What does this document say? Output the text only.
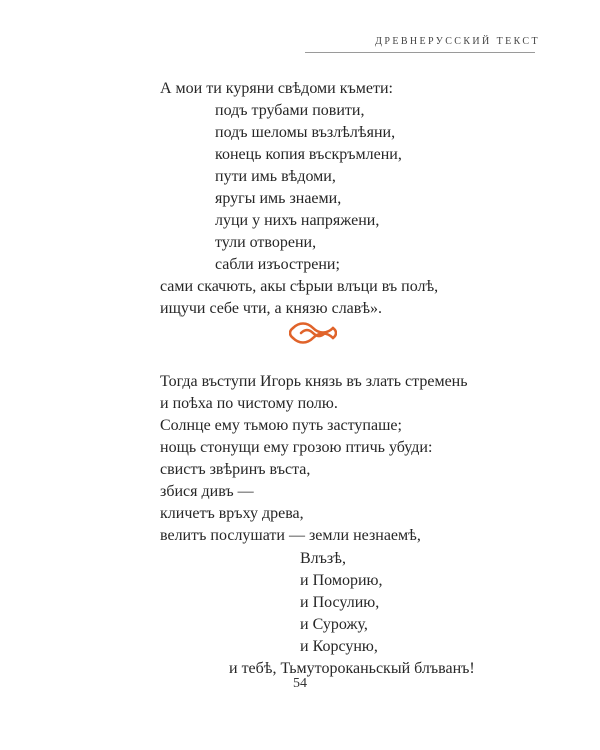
ДРЕВНЕРУССКИЙ ТЕКСТ
А мои ти куряни свѣдоми къмети:
подъ трубами повити,
подъ шеломы възлѣлѣяни,
конець копия въскръмлени,
пути имь вѣдоми,
яругы имь знаеми,
луци у нихъ напряжени,
тули отворени,
сабли изъострени;
сами скачють, акы сѣрыи влъци въ полѣ,
ищучи себе чти, а князю славѣ».
Тогда въступи Игорь князь въ злать стремень
и поѣха по чистому полю.
Солнце ему тьмою путь заступаше;
нощь стонущи ему грозою птичь убуди:
свистъ звѣринъ въста,
збися дивъ —
кличетъ връху древа,
велитъ послушати — земли незнаемѣ,
Влъзѣ,
и Поморию,
и Посулию,
и Сурожу,
и Корсуню,
и тебѣ, Тьмутороканьскый блъванъ!
54
